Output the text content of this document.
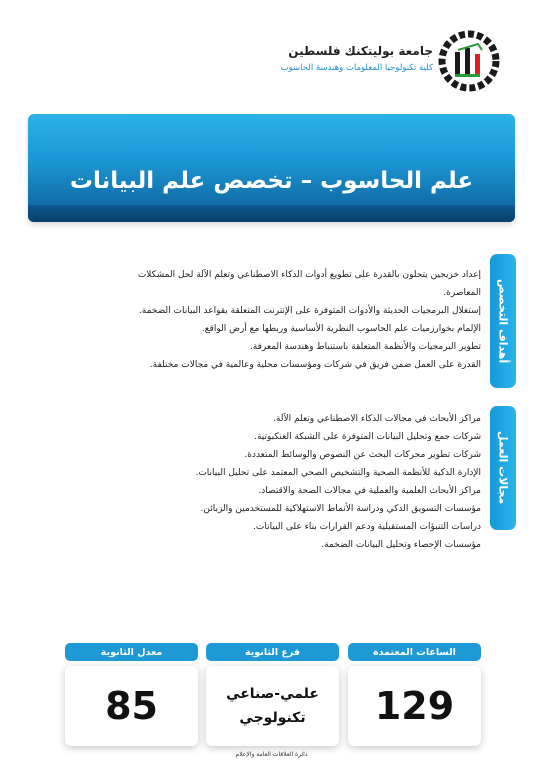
جامعة بوليتكنك فلسطين
كلية تكنولوجيا المعلومات وهندسة الحاسوب
علم الحاسوب – تخصص علم البيانات
أهداف التخصص
إعداد خريجين يتحلون بالقدرة على تطويع أدوات الذكاء الاصطناعي وتعلم الآلة لحل المشكلات
المعاصرة.
إستغلال البرمجيات الحديثة والأدوات المتوفرة على الإنترنت المتعلقة بقواعد البيانات الضخمة.
الإلمام بخوارزميات علم الحاسوب النظرية الأساسية وربطها مع أرض الواقع.
تطوير البرمجيات والأنظمة المتعلقة باستنباط وهندسة المعرفة.
القدرة على العمل ضمن فريق في شركات ومؤسسات محلية وعالمية في مجالات مختلفة.
مجالات العمل
مراكز الأبحاث في مجالات الذكاء الاصطناعي وتعلم الآلة.
شركات جمع وتحليل البيانات المتوفرة على الشبكة العنكبوتية.
شركات تطوير محركات البحث عن النصوص والوسائط المتعددة.
الإدارة الذكية للأنظمة الصحية والتشخيص الصحي المعتمد على تحليل البيانات.
مراكز الأبحاث العلمية والعملية في مجالات الصحة والاقتصاد.
مؤسسات التسويق الذكي ودراسة الأنماط الاستهلاكية للمستخدمين والزبائن.
دراسات التنبؤات المستقبلية ودعم القرارات بناء على البيانات.
مؤسسات الإحصاء وتحليل البيانات الضخمة.
الساعات المعتمدة
129
فرع الثانوية
علمي-صناعي
تكنولوجي
معدل الثانوية
85
دائرة العلاقات العامة والإعلام
